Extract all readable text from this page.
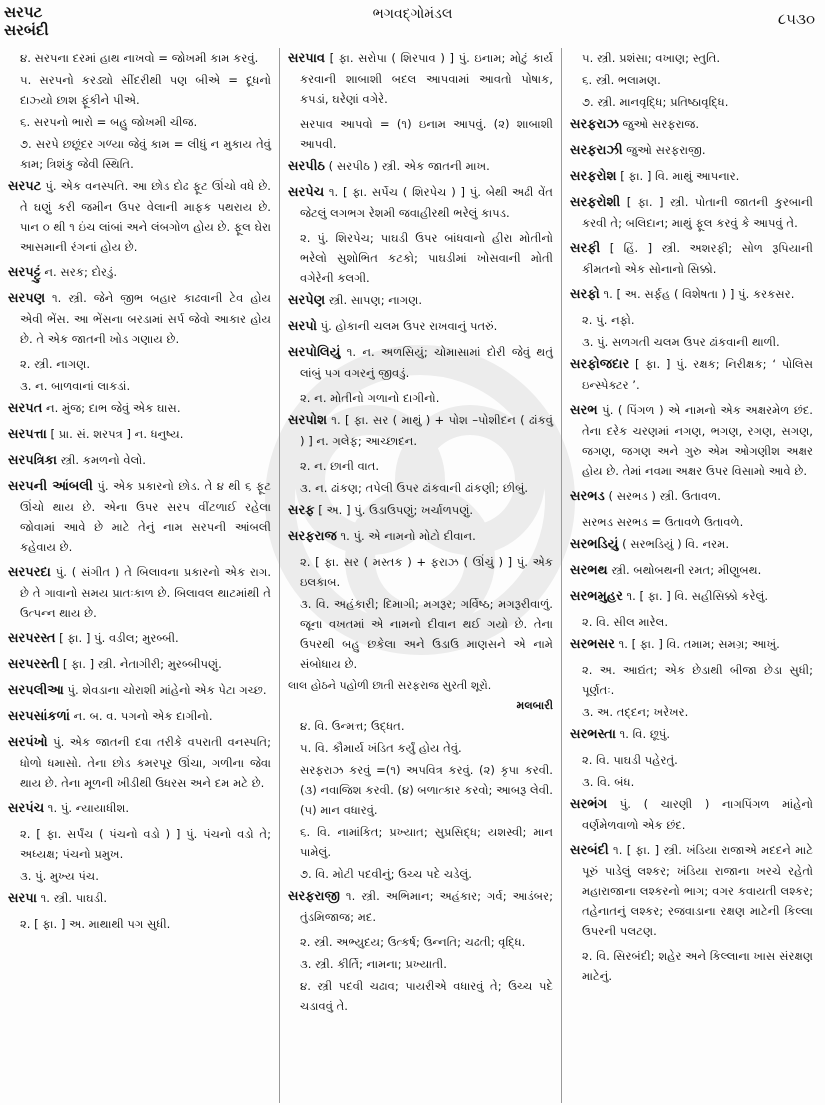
સરપટ
સરબંદી
ભગવદ્ગોમંડલ	૮૫૩૦

૪. સરપના દરમાં હાથ નાખવો = જોખમી કામ કરવું.

૫. સરપનો કરડ્યો સીંદરીથી પણ બીએ = દૂધનો દાઝ્યો છાશ ફૂંકીને પીએ.

૬. સરપનો ભારો = બહુ જોખમી ચીજ.

૭. સરપે છછૂંદર ગળ્યા જેવું કામ = લીધું ન મુકાય તેવું કામ; ત્રિશંકુ જેવી સ્થિતિ.

સરપટ પું. એક વનસ્પતિ. આ છોડ દોઢ ફૂટ ઊંચો વધે છે. તે ઘણું કરી જમીન ઉપર વેલાની માફક પથરાય છે. પાન ૦ થી ૧ ઇંચ લાંબાં અને લંબગોળ હોય છે. ફૂલ ઘેરા આસમાની રંગનાં હોય છે.

સરપટ્ટું ન. સરક; દોરડું.

સરપણ ૧. સ્ત્રી. જેને જીભ બહાર કાઢવાની ટેવ હોય એવી ભેંસ. આ ભેંસના બરડામાં સર્પ જેવો આકાર હોય છે. તે એક જાતની ખોડ ગણાય છે.

૨. સ્ત્રી. નાગણ.

૩. ન. બાળવાનાં લાકડાં.

સરપત ન. મુંજ; દાભ જેવું એક ઘાસ.

સરપત્તા [ પ્રા. સં. શરપત્ર ] ન. ધનુષ્ય.

સરપત્રિકા સ્ત્રી. કમળનો વેલો.

સરપની આંબલી પું. એક પ્રકારનો છોડ. તે ૪ થી ૬ ફૂટ ઊંચો થાય છે. એના ઉપર સરપ વીંટળાઈ રહેલા જોવામાં આવે છે માટે તેનું નામ સરપની આંબલી કહેવાય છે.

સરપરદા પું. ( સંગીત ) તે બિલાવના પ્રકારનો એક રાગ. છે તે ગાવાનો સમય પ્રાતઃકાળ છે. બિલાવલ થાટમાંથી તે ઉત્પન્ન થાય છે.

સરપરસ્ત [ ફા. ] પું. વડીલ; મુરબ્બી.

સરપરસ્તી [ ફા. ] સ્ત્રી. નેતાગીરી; મુરબ્બીપણું.

સરપલીઆ પું. શેવડાના ચોરાશી માંહેનો એક પેટા ગચ્છ.

સરપસાંકળાં ન. બ. વ. પગનો એક દાગીનો.

સરપંખો પું. એક જાતની દવા તરીકે વપરાતી વનસ્પતિ; ધોળો ધમાસો. તેના છોડ કમરપૂર ઊંચા, ગળીના જેવા થાય છે. તેના મૂળની ખીડીથી ઉધરસ અને દમ મટે છે.

સરપંચ ૧. પું. ન્યાયાધીશ.

૨. [ ફા. સર્પંચ ( પંચનો વડો ) ] પું. પંચનો વડો તે; અધ્યક્ષ; પંચનો પ્રમુખ.

૩. પું. મુખ્ય પંચ.

સરપા ૧. સ્ત્રી. પાઘડી.

૨. [ ફા. ] અ. માથાથી પગ સુધી.

સરપાવ [ ફા. સરોપા ( શિરપાવ ) ] પું. ઇનામ; મોટું કાર્ય કરવાની શાબાશી બદલ આપવામાં આવતો પોષાક, કપડાં, ઘરેણાં વગેરે.

સરપાવ આપવો = (૧) ઇનામ આપવું. (૨) શાબાશી આપવી.

સરપીઠ ( સરપીઠ ) સ્ત્રી. એક જાતની માખ.

સરપેચ ૧. [ ફા. સર્પેચ ( શિરપેચ ) ] પું. બેથી અઢી વેંત જેટલું લગભગ રેશમી જવાહીરથી ભરેલું કાપડ.

૨. પું. શિરપેચ; પાઘડી ઉપર બાંધવાનો હીરા મોતીનો ભરેલો સુશોભિત કટકો; પાઘડીમાં ખોસવાની મોતી વગેરેની કલગી.

સરપેણ સ્ત્રી. સાપણ; નાગણ.

સરપો પું. હોકાની ચલમ ઉપર રાખવાનું પતરું.

સરપોલિયું ૧. ન. અળસિયું; ચોમાસામાં દોરી જેવું થતું લાંબું પગ વગરનું જીવડું.

૨. ન. મોતીનો ગળાનો દાગીનો.

સરપોશ ૧. [ ફા. સર ( માથું ) + પોશ –પોશીદન ( ઢાંકવું ) ] ન. ગલેફ; આચ્છાદન.

૨. ન. છાની વાત.

૩. ન. ઢાંકણ; તપેલી ઉપર ઢાંકવાની ઢાંકણી; છીબું.

સરફ [ અ. ] પું. ઉડાઉપણું; ખર્ચાળપણું.

સરફરાજ ૧. પું. એ નામનો મોટો દીવાન.

૨. [ ફા. સર ( મસ્તક ) + ફરાઝ ( ઊંચું ) ] પું. એક ઇલકાબ.

૩. વિ. અહંકારી; દિમાગી; મગરૂર; ગર્વિષ્ઠ; મગરૂરીવાળું. જૂના વખતમાં એ નામનો દીવાન થઈ ગયો છે. તેના ઉપરથી બહુ છકેલા અને ઉડાઉ માણસને એ નામે સંબોધાય છે.

લાલ હોઠને પહોળી છાતી સરફરાજ સુરતી શૂરો.
મલબારી

૪. વિ. ઉન્મત્ત; ઉદ્ધત.

૫. વિ. કૌમાર્ય ખંડિત કર્યું હોય તેવું.

સરફરાઝ કરવું =(૧) અપવિત્ર કરવું. (૨) કૃપા કરવી. (૩) નવાજિશ કરવી. (૪) બળાત્કાર કરવો; આબરૂ લેવી. (૫) માન વધારવું.

૬. વિ. નામાંકિત; પ્રખ્યાત; સુપ્રસિદ્ધ; યશસ્વી; માન પામેલું.

૭. વિ. મોટી પદવીનું; ઉચ્ચ પદે ચડેલું.

સરફરાજી ૧. સ્ત્રી. અભિમાન; અહંકાર; ગર્વ; આડંબર; તુંડમિજાજ; મદ.

૨. સ્ત્રી. અભ્યુદય; ઉત્કર્ષ; ઉન્નતિ; ચઢતી; વૃદ્ધિ.

૩. સ્ત્રી. કીર્તિ; નામના; પ્રખ્યાતી.

૪. સ્ત્રી પદવી ચઢાવ; પાયરીએ વધારવું તે; ઉચ્ચ પદે ચડાવવું તે.

૫. સ્ત્રી. પ્રશંસા; વખાણ; સ્તુતિ.

૬. સ્ત્રી. ભલામણ.

૭. સ્ત્રી. માનવૃદ્ધિ; પ્રતિષ્ઠાવૃદ્ધિ.

સરફરાઝ જુઓ સરફરાજ.

સરફરાઝી જુઓ સરફરાજી.

સરફરોશ [ ફા. ] વિ. માથું આપનાર.

સરફરોશી [ ફા. ] સ્ત્રી. પોતાની જાતની કુરબાની કરવી તે; બલિદાન; માથું ફૂલ કરવું કે આપવું તે.

સરફી [ હિં. ] સ્ત્રી. અશરફી; સોળ રૂપિયાની કીમતનો એક સોનાનો સિક્કો.

સરફો ૧. [ અ. સર્ફહ ( વિશેષતા ) ] પું. કરકસર.

૨. પું. નફો.

૩. પું. સળગતી ચલમ ઉપર ઢાંકવાની થાળી.

સરફોજદાર [ ફા. ] પું. રક્ષક; નિરીક્ષક; ‘ પોલિસ ઇન્સ્પેક્ટર ’.

સરભ પું. ( પિંગળ ) એ નામનો એક અક્ષરમેળ છંદ. તેના દરેક ચરણમાં નગણ, ભગણ, રગણ, સગણ, જગણ, જગણ અને ગુરુ એમ ઓગણીશ અક્ષર હોય છે. તેમાં નવમા અક્ષર ઉપર વિસામો આવે છે.

સરભડ ( સરભડ ) સ્ત્રી. ઉતાવળ.

સરભડ સરભડ = ઉતાવળે ઉતાવળે.

સરભડિયું ( સરભડિયું ) વિ. નરમ.

સરભથ સ્ત્રી. બથોબથની રમત; મીણુબથ.

સરભમુહર ૧. [ ફા. ] વિ. સહીસિક્કો કરેલું.

૨. વિ. સીલ મારેલ.

સરભસર ૧. [ ફા. ] વિ. તમામ; સમગ્ર; આખું.

૨. અ. આદ્યંત; એક છેડાથી બીજા છેડા સુધી; પૂર્ણતઃ.

૩. અ. તદ્દન; ખરેખર.

સરભસ્તા ૧. વિ. છૂપું.

૨. વિ. પાઘડી પહેરતું.

૩. વિ. બંધ.

સરભંગ પું. ( ચારણી ) નાગપિંગળ માંહેનો વર્ણમેળવાળો એક છંદ.

સરબંદી ૧. [ ફા. ] સ્ત્રી. ખંડિયા રાજાએ મદદને માટે પૂરું પાડેલું લશ્કર; ખંડિયા રાજાના ખરચે રહેતો મહારાજાના લશ્કરનો ભાગ; વગર કવાયતી લશ્કર; તહેનાતનું લશ્કર; રજવાડાના રક્ષણ માટેની કિલ્લા ઉપરની પલટણ.

૨. વિ. સિરબંદી; શહેર અને કિલ્લાના ખાસ સંરક્ષણ માટેનું.
